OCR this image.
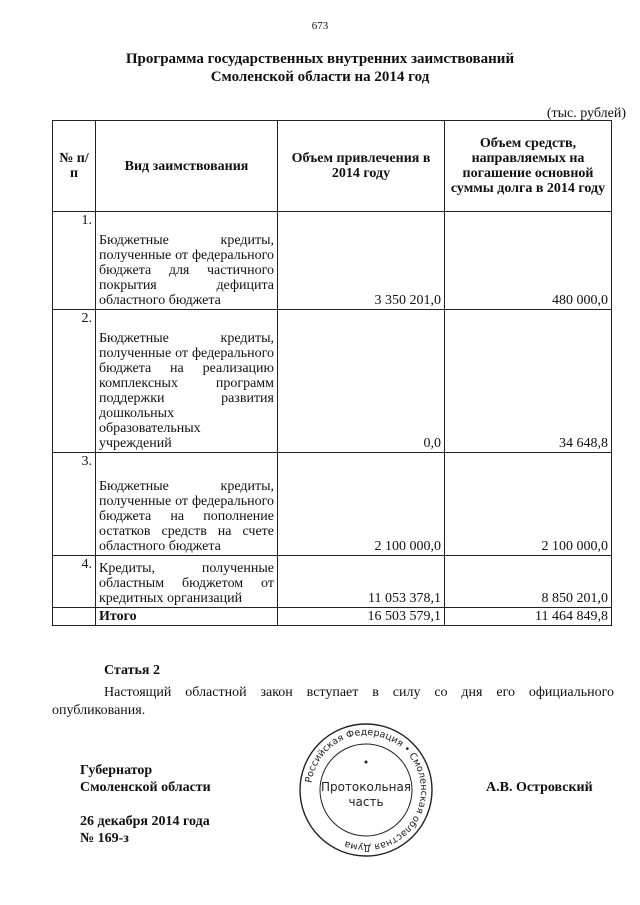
673
Программа государственных внутренних заимствований
Смоленской области на 2014 год
(тыс. рублей)
№ п/п	Вид заимствования	Объем привлечения в 2014 году	Объем средств, направляемых на погашение основной суммы долга в 2014 году
1.	Бюджетные кредиты, полученные от федерального бюджета для частичного покрытия дефицита областного бюджета	3 350 201,0	480 000,0
2.	Бюджетные кредиты, полученные от федерального бюджета на реализацию комплексных программ поддержки развития дошкольных образовательных учреждений	0,0	34 648,8
3.	Бюджетные кредиты, полученные от федерального бюджета на пополнение остатков средств на счете областного бюджета	2 100 000,0	2 100 000,0
4.	Кредиты, полученные областным бюджетом от кредитных организаций	11 053 378,1	8 850 201,0
	Итого	16 503 579,1	11 464 849,8
Статья 2
Настоящий областной закон вступает в силу со дня его официального опубликования.
Губернатор
Смоленской области	А.В. Островский
26 декабря 2014 года
№ 169-з
Российская Федерация • Смоленская областная Дума
Протокольная
часть
